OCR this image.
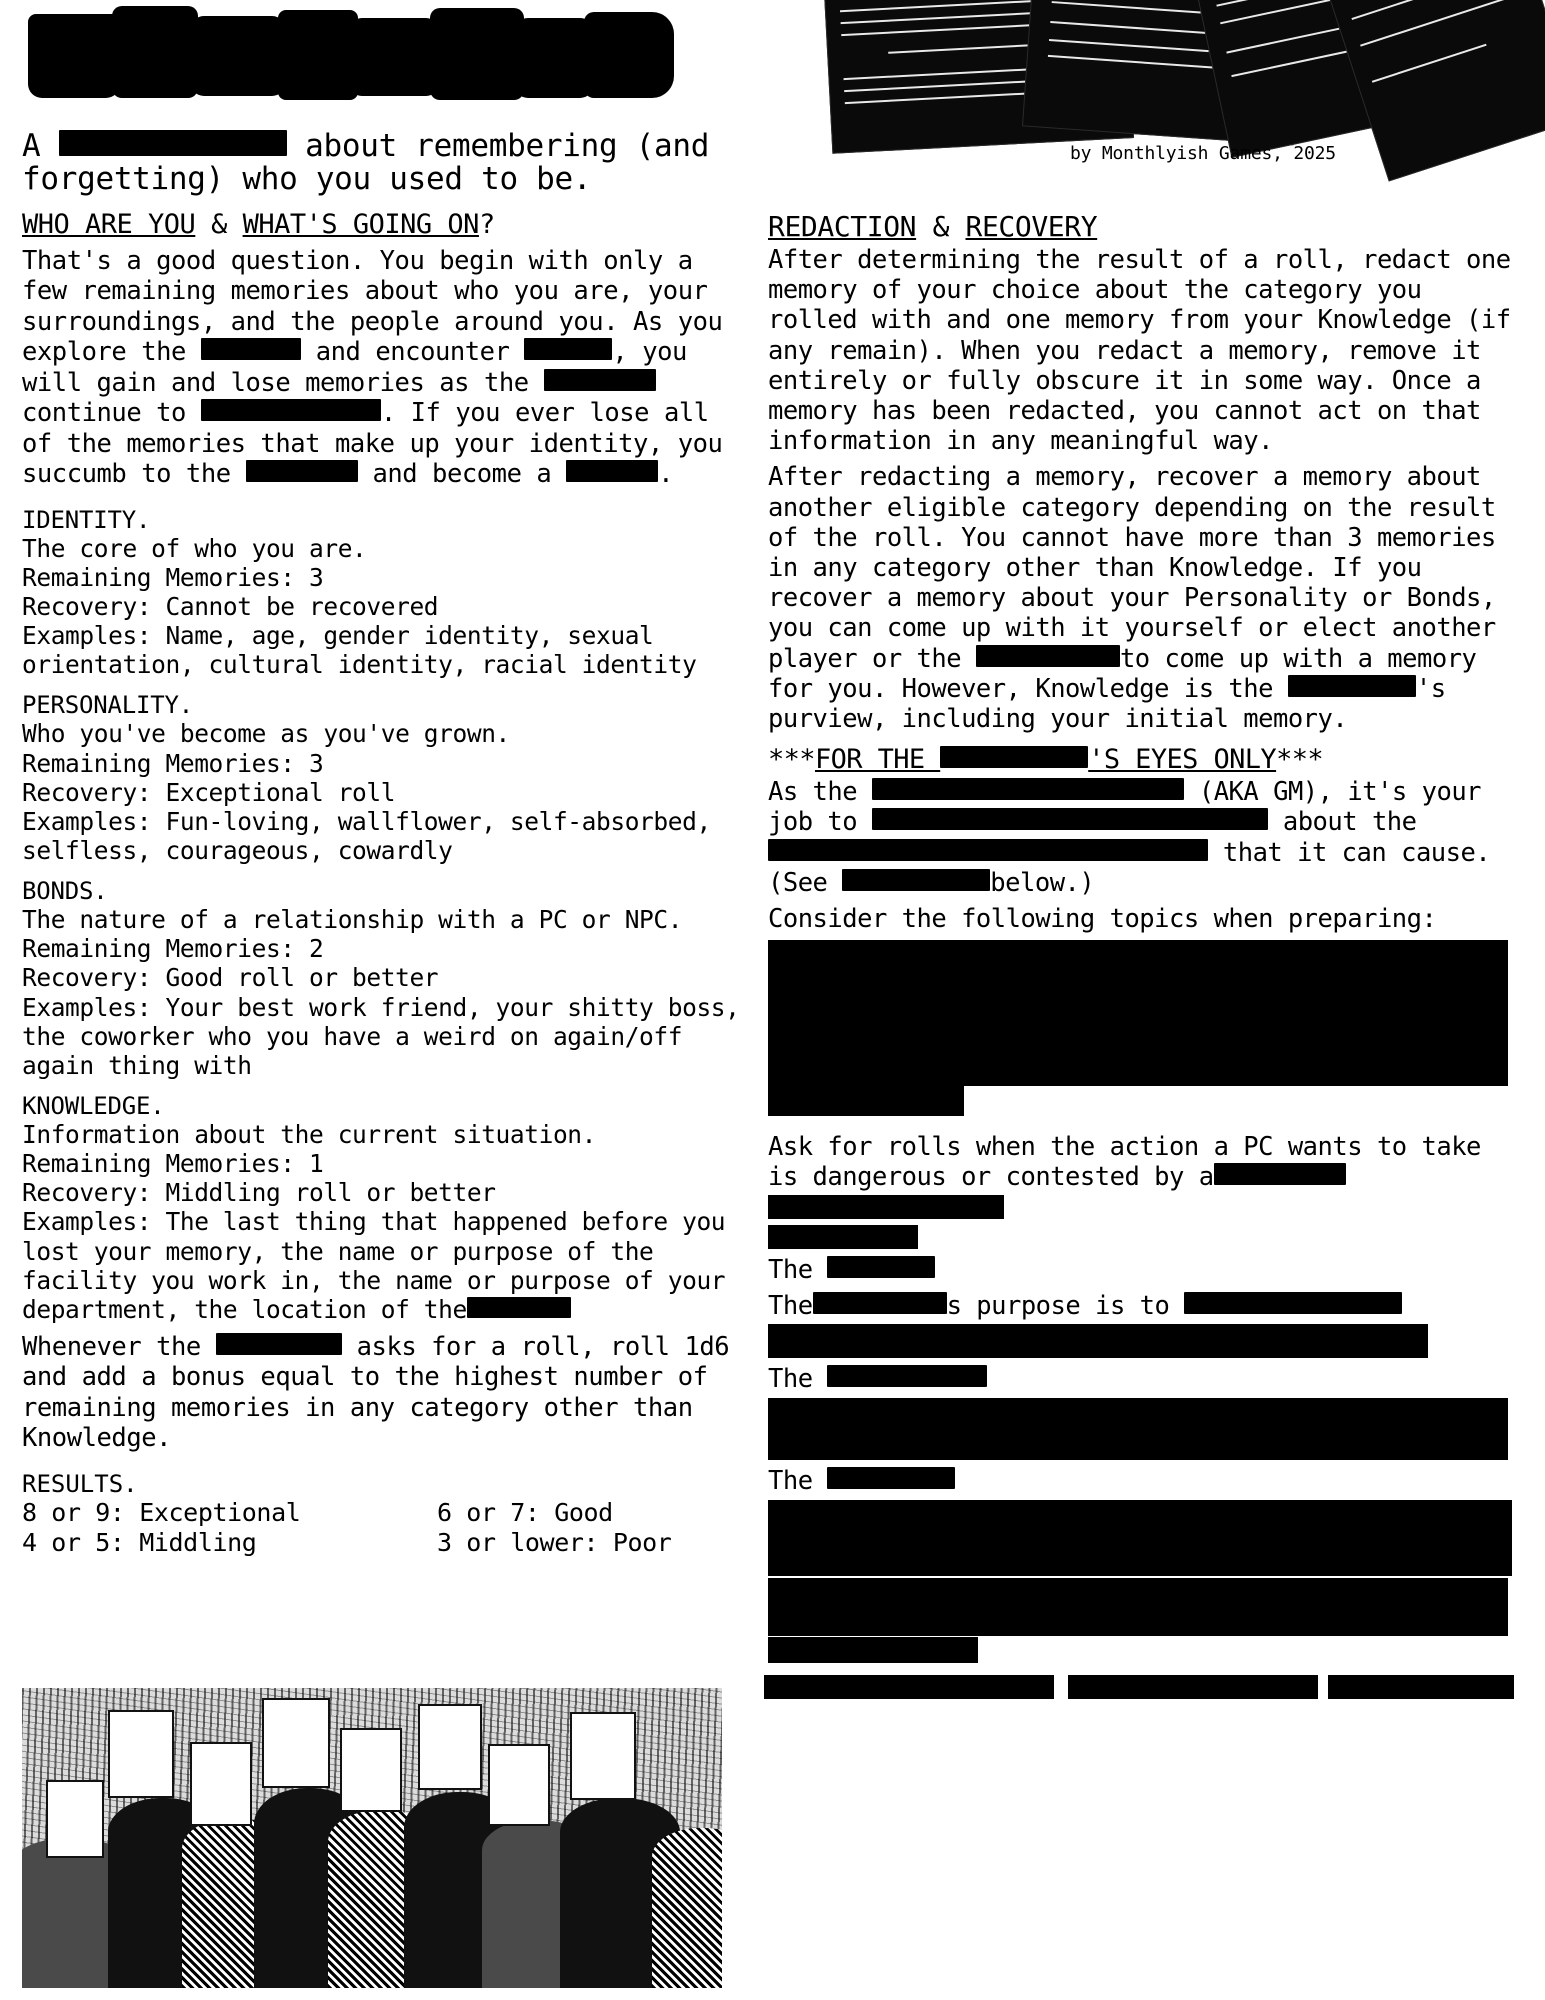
by Monthlyish Games, 2025
A	about remembering (and forgetting) who you used to be.
WHO ARE YOU & WHAT'S GOING ON?
That's a good question. You begin with only a few remaining memories about who you are, your surroundings, and the people around you. As you explore the	and encounter	, you will gain and lose memories as the  continue to	. If you ever lose all of the memories that make up your identity, you succumb to the	and become a	.
IDENTITY.
The core of who you are.
Remaining Memories: 3
Recovery: Cannot be recovered
Examples: Name, age, gender identity, sexual orientation, cultural identity, racial identity
PERSONALITY.
Who you've become as you've grown.
Remaining Memories: 3
Recovery: Exceptional roll
Examples: Fun-loving, wallflower, self-absorbed, selfless, courageous, cowardly
BONDS.
The nature of a relationship with a PC or NPC.
Remaining Memories: 2
Recovery: Good roll or better
Examples: Your best work friend, your shitty boss, the coworker who you have a weird on again/off again thing with
KNOWLEDGE.
Information about the current situation.
Remaining Memories: 1
Recovery: Middling roll or better
Examples: The last thing that happened before you lost your memory, the name or purpose of the facility you work in, the name or purpose of your department, the location of the
Whenever the	asks for a roll, roll 1d6 and add a bonus equal to the highest number of remaining memories in any category other than Knowledge.
RESULTS.
8 or 9: Exceptional	6 or 7: Good
4 or 5: Middling	3 or lower: Poor
REDACTION & RECOVERY
After determining the result of a roll, redact one memory of your choice about the category you rolled with and one memory from your Knowledge (if any remain). When you redact a memory, remove it entirely or fully obscure it in some way. Once a memory has been redacted, you cannot act on that information in any meaningful way.
After redacting a memory, recover a memory about another eligible category depending on the result of the roll. You cannot have more than 3 memories in any category other than Knowledge. If you recover a memory about your Personality or Bonds, you can come up with it yourself or elect another player or the	to come up with a memory for you. However, Knowledge is the	's purview, including your initial memory.
***FOR THE	'S EYES ONLY***
As the	(AKA GM), it's your job to	about the  that it can cause. (See	below.)
Consider the following topics when preparing:
Ask for rolls when the action a PC wants to take is dangerous or contested by a
The
The	s purpose is to
The
The
